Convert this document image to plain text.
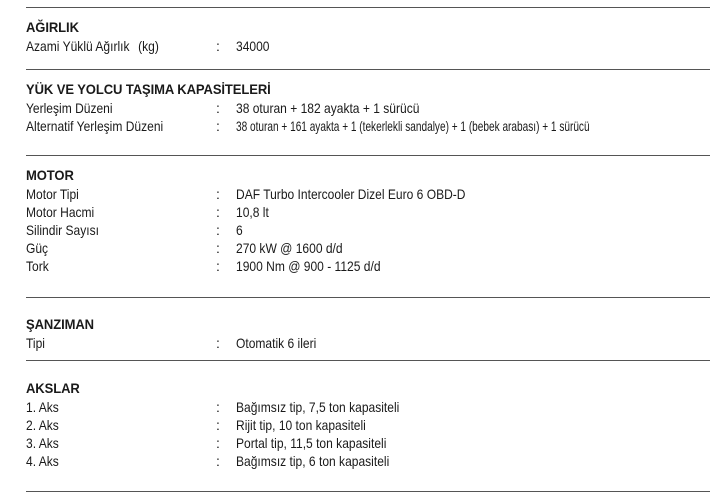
AĞIRLIK
Azami Yüklü Ağırlık (kg)	: 34000
YÜK VE YOLCU TAŞIMA KAPASİTELERİ
Yerleşim Düzeni	: 38 oturan + 182 ayakta + 1 sürücü
Alternatif Yerleşim Düzeni	: 38 oturan + 161 ayakta + 1 (tekerlekli sandalye) + 1 (bebek arabası) + 1 sürücü
MOTOR
Motor Tipi	: DAF Turbo Intercooler Dizel Euro 6 OBD-D
Motor Hacmi	: 10,8 lt
Silindir Sayısı	: 6
Güç	: 270 kW @ 1600 d/d
Tork	: 1900 Nm @ 900 - 1125 d/d
ŞANZIMAN
Tipi	: Otomatik 6 ileri
AKSLAR
1. Aks	: Bağımsız tip, 7,5 ton kapasiteli
2. Aks	: Rijit tip, 10 ton kapasiteli
3. Aks	: Portal tip, 11,5 ton kapasiteli
4. Aks	: Bağımsız tip, 6 ton kapasiteli
